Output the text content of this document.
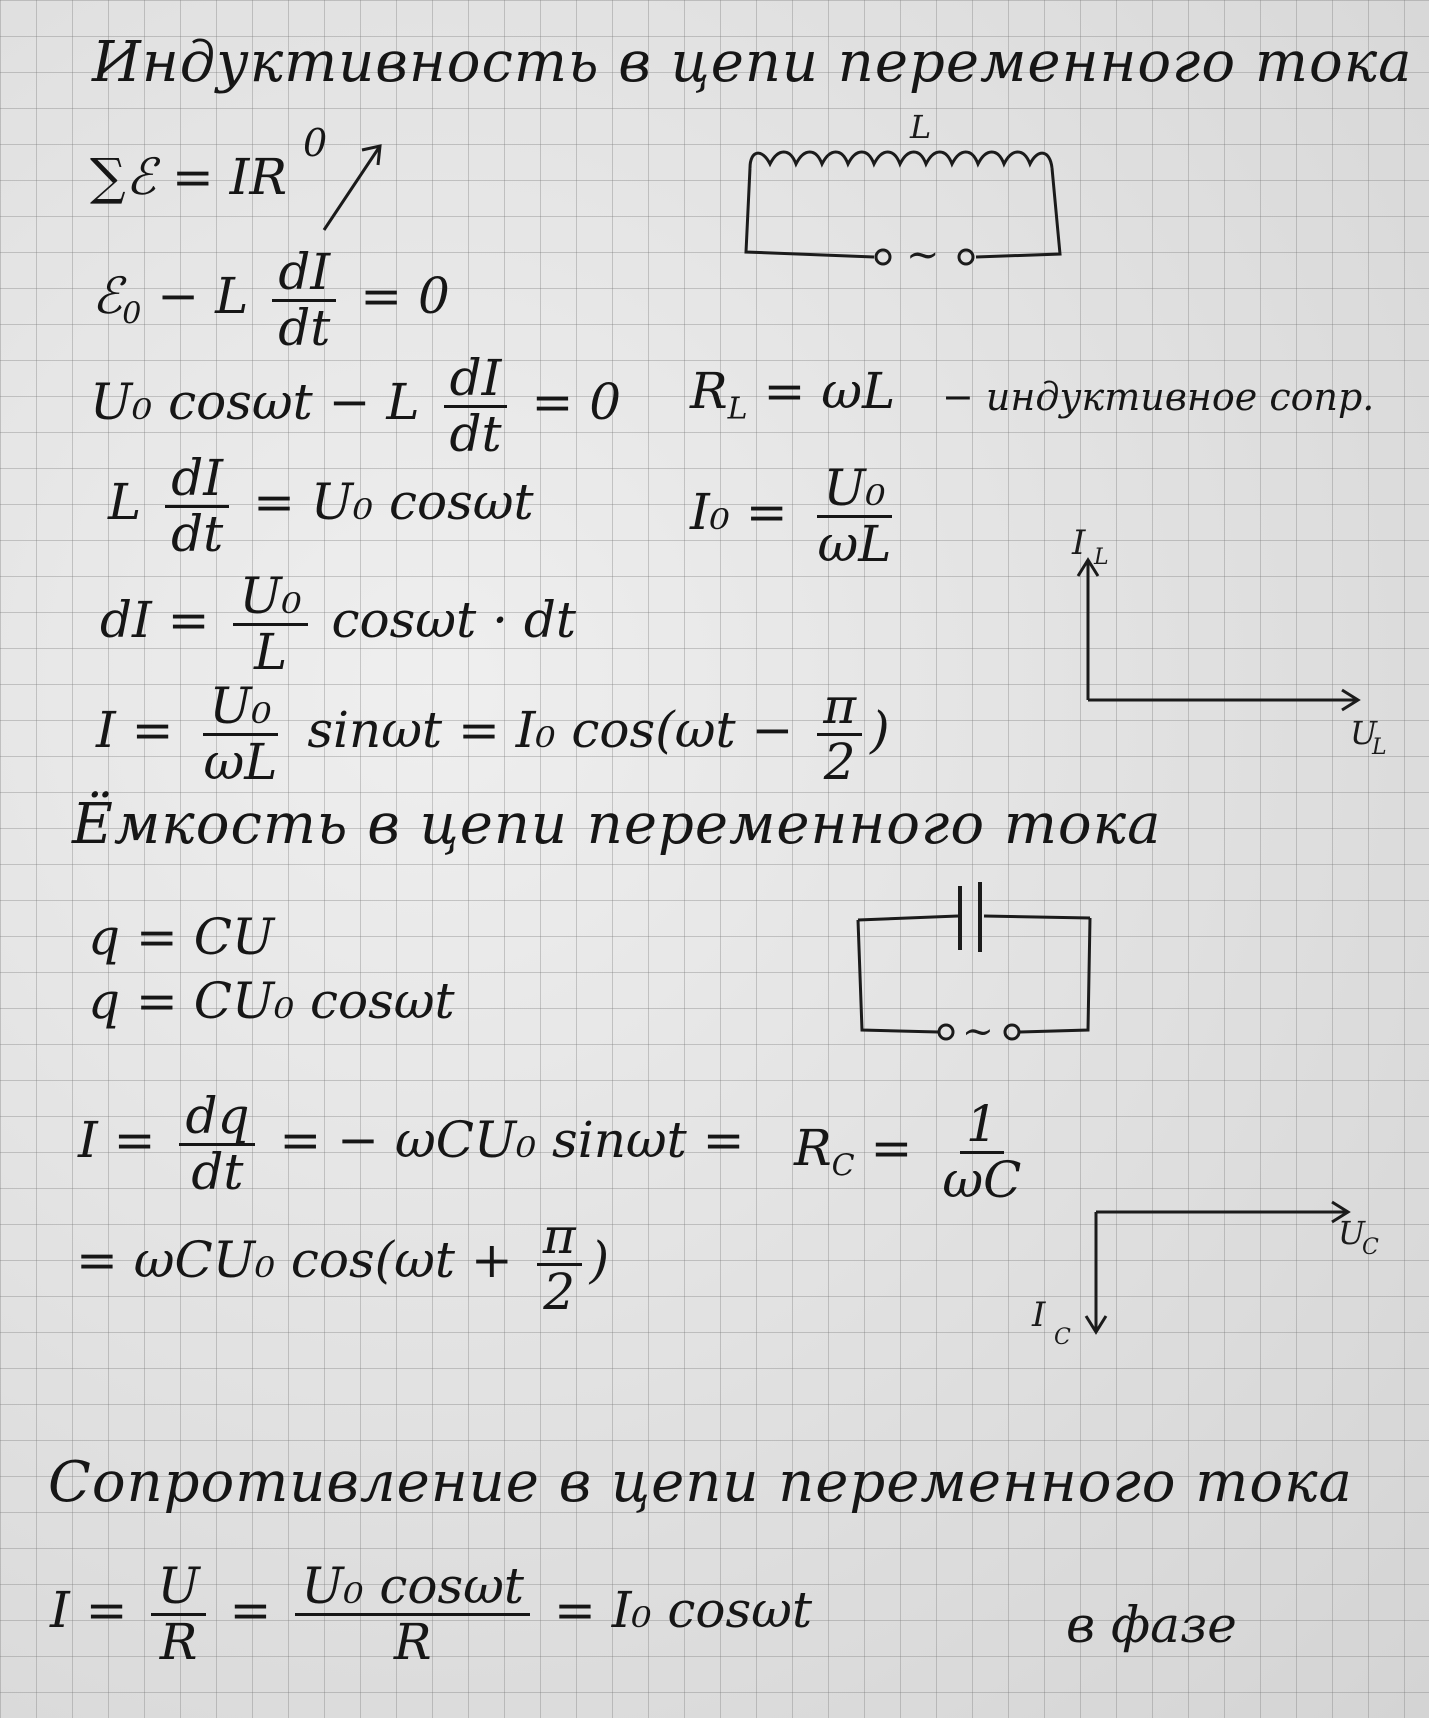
Индуктивность в цепи переменного тока
∑ℰ = IR $^0$
ℰ$_0$ − L $\frac{dI}{dt} = 0$
U₀ cosωt − L $\frac{dI}{dt} = 0$
L $\frac{dI}{dt} = U_0$ cosωt
dI = $\frac{\text{U₀}}{L}$ cosωt · dt
$I = \frac{\text{U₀}}{\omega L}$ sinωt = I₀ $\cos(\omega t - \frac{\pi}{2}$ )
$R_L = \omega L$ − индуктивное сопр.
$I_0 = \frac{\text{U₀}}{\omega L}$
L
~
I L
U
L
Ёмкость в цепи переменного тока
q = CU
q = CU₀ cosωt
$I = \frac{dq}{dt}$ = − ωCU₀ sinωt =
= ωCU₀ $\cos(\omega t + \frac{\pi}{2}$ )
$R_C = \frac{1}{\omega C}$
~
U
C
I
C
Сопротивление в цепи переменного тока
$I = \frac{U}{R} = \frac{\text{U₀ cosωt}}{R} = I_0$ cosωt	в фазе
